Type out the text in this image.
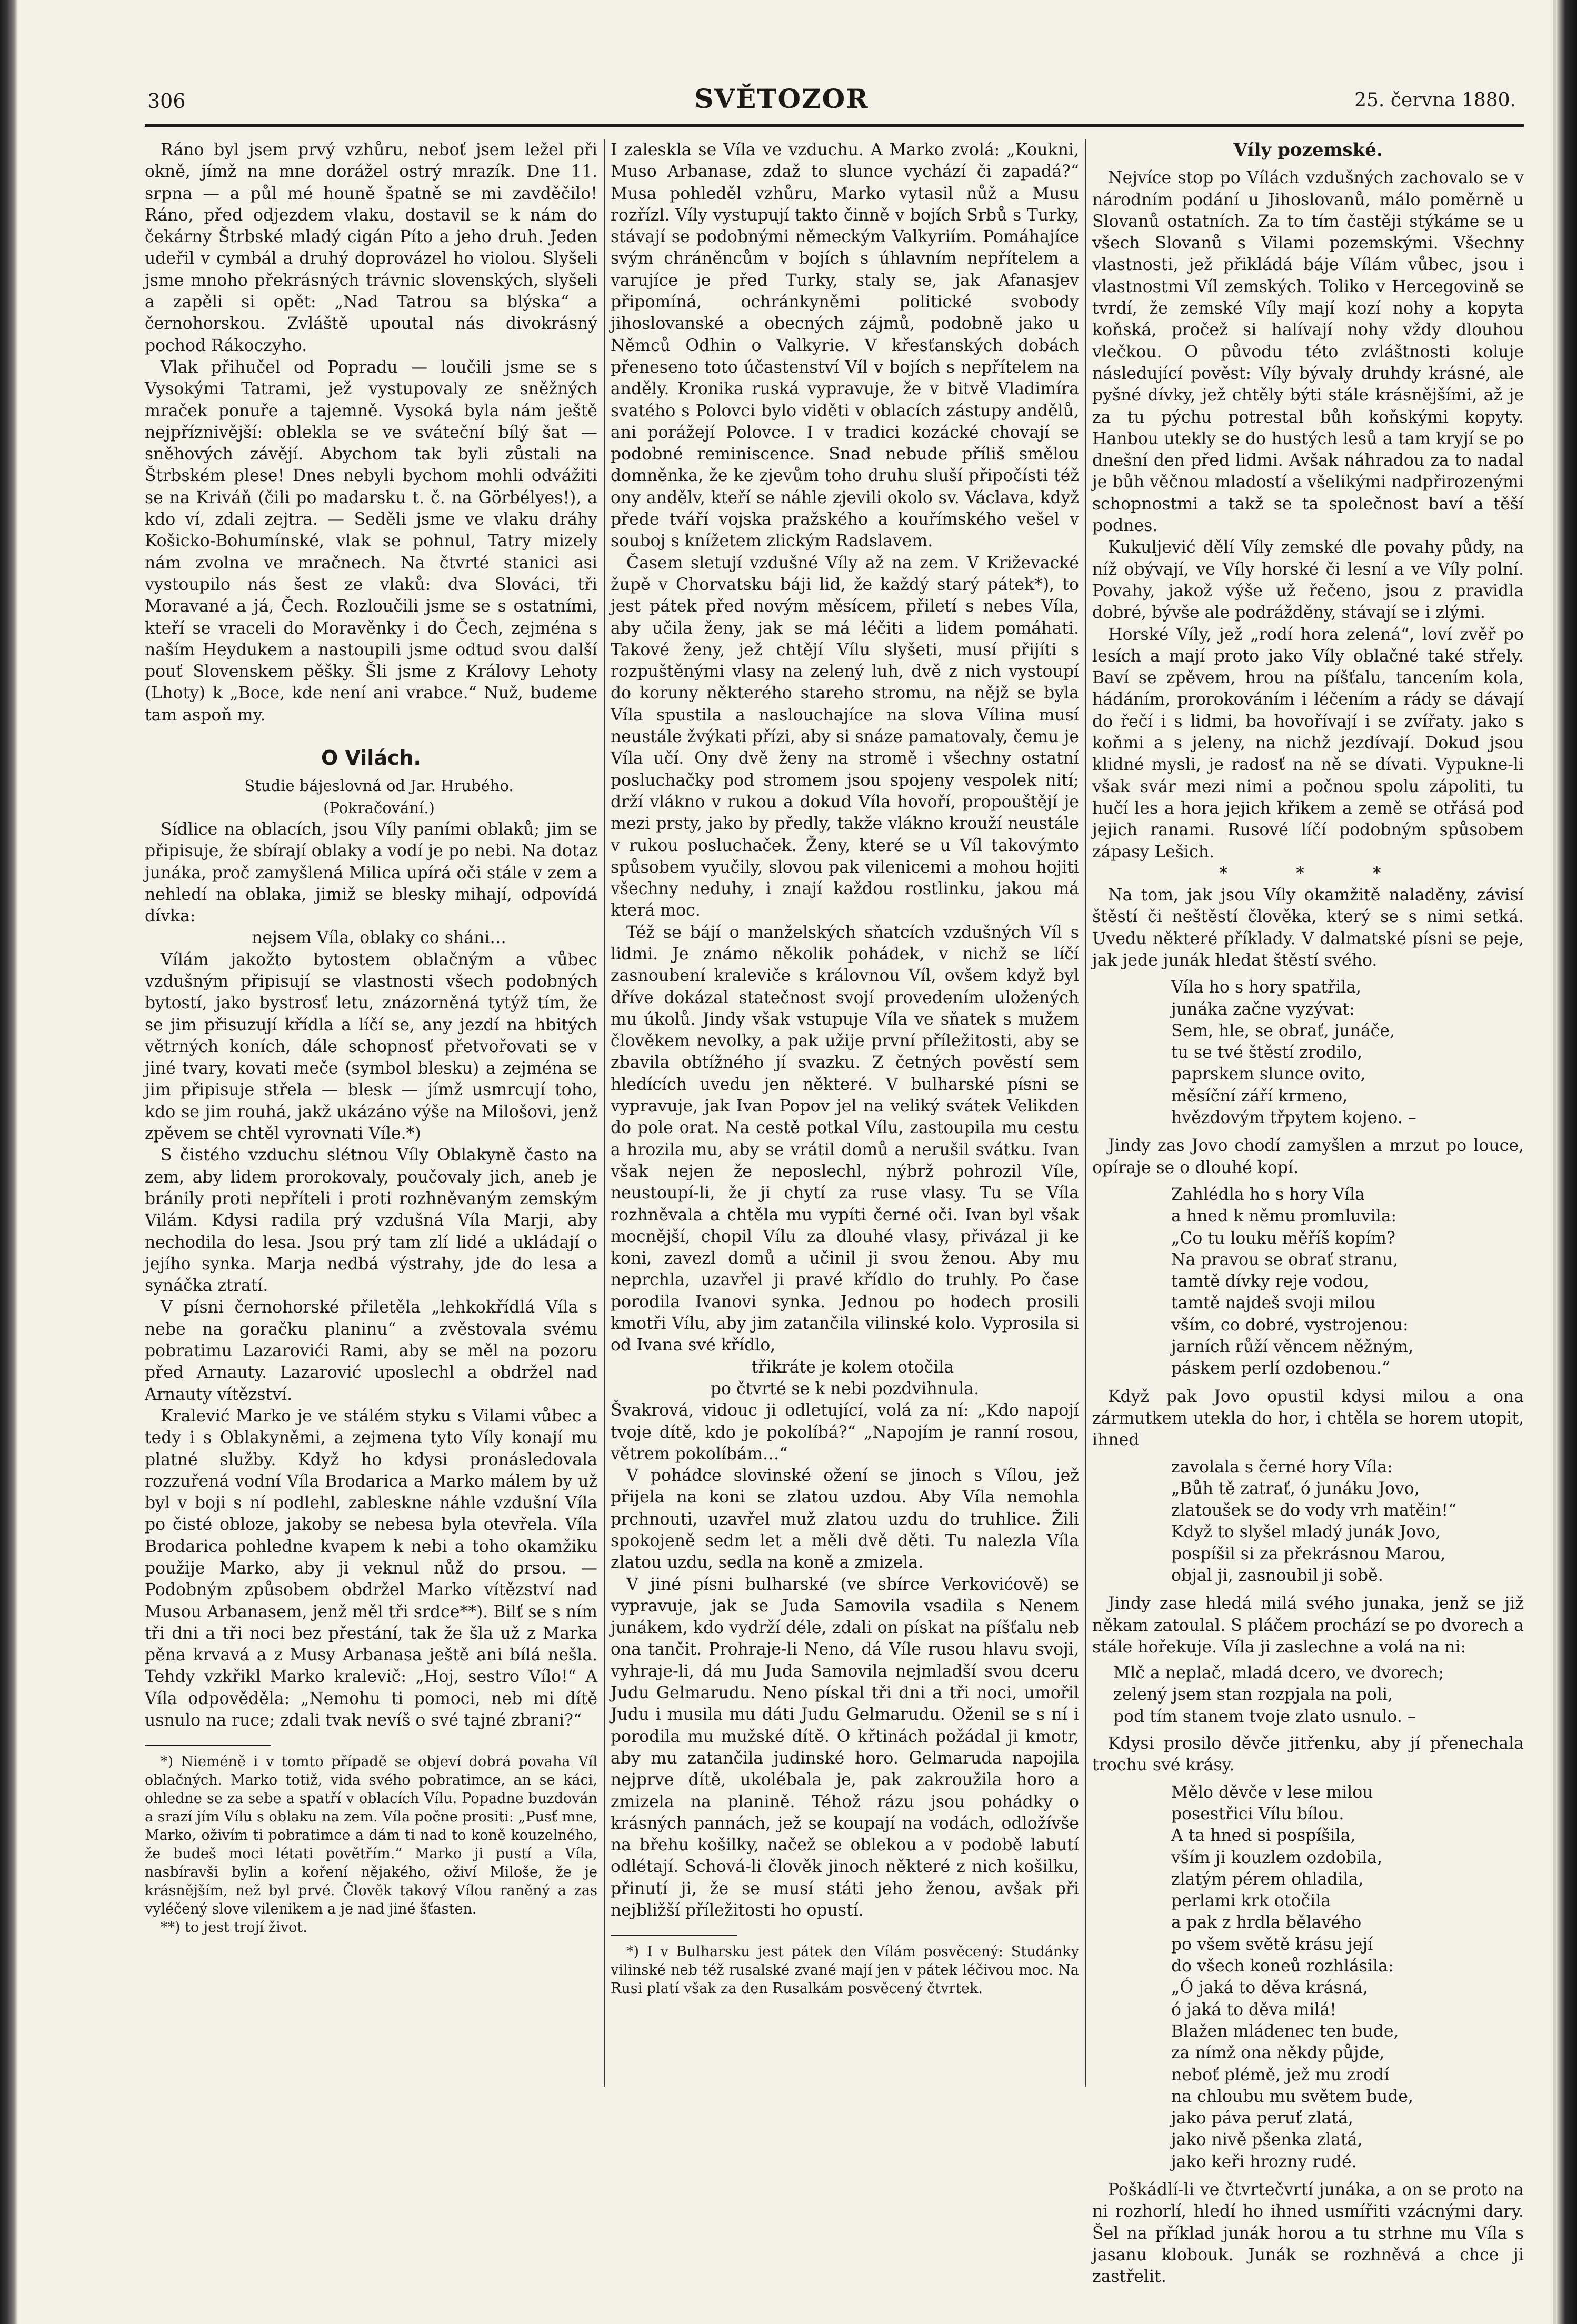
306	SVĚTOZOR	25. června 1880.

Ráno byl jsem prvý vzhůru, neboť jsem ležel při okně, jímž na mne dorážel ostrý mrazík. Dne 11. srpna — a půl mé houně špatně se mi zavděčilo! Ráno, před odjezdem vlaku, dostavil se k nám do čekárny Štrbské mladý cigán Píto a jeho druh. Jeden udeřil v cymbál a druhý doprovázel ho violou. Slyšeli jsme mnoho překrásných trávnic slovenských, slyšeli a zapěli si opět: „Nad Tatrou sa blýska“ a černohorskou. Zvláště upoutal nás divokrásný pochod Rákoczyho.

Vlak přihučel od Popradu — loučili jsme se s Vysokými Tatrami, jež vystupovaly ze sněžných mraček ponuře a tajemně. Vysoká byla nám ještě nejpříznivější: oblekla se ve sváteční bílý šat — sněhových závějí. Abychom tak byli zůstali na Štrbském plese! Dnes nebyli bychom mohli odvážiti se na Kriváň (čili po madarsku t. č. na Görbélyes!), a kdo ví, zdali zejtra. — Seděli jsme ve vlaku dráhy Košicko-Bohumínské, vlak se pohnul, Tatry mizely nám zvolna ve mračnech. Na čtvrté stanici asi vystoupilo nás šest ze vlaků: dva Slováci, tři Moravané a já, Čech. Rozloučili jsme se s ostatními, kteří se vraceli do Moravěnky i do Čech, zejména s naším Heydukem a nastoupili jsme odtud svou další pouť Slovenskem pěšky. Šli jsme z Královy Lehoty (Lhoty) k „Boce, kde není ani vrabce.“ Nuž, budeme tam aspoň my.

O Vilách.

Studie bájeslovná od Jar. Hrubého.

(Pokračování.)

Sídlice na oblacích, jsou Víly paními oblaků; jim se připisuje, že sbírají oblaky a vodí je po nebi. Na dotaz junáka, proč zamyšlená Milica upírá oči stále v zem a nehledí na oblaka, jimiž se blesky mihají, odpovídá dívka:

nejsem Víla, oblaky co sháni…

Vílám jakožto bytostem oblačným a vůbec vzdušným připisují se vlastnosti všech podobných bytostí, jako bystrosť letu, znázorněná tytýž tím, že se jim přisuzují křídla a líčí se, any jezdí na hbitých větrných koních, dále schopnosť přetvořovati se v jiné tvary, kovati meče (symbol blesku) a zejména se jim připisuje střela — blesk — jímž usmrcují toho, kdo se jim rouhá, jakž ukázáno výše na Milošovi, jenž zpěvem se chtěl vyrovnati Víle.*)

S čistého vzduchu slétnou Víly Oblakyně často na zem, aby lidem prorokovaly, poučovaly jich, aneb je bránily proti nepříteli i proti rozhněvaným zemským Vilám. Kdysi radila prý vzdušná Víla Marji, aby nechodila do lesa. Jsou prý tam zlí lidé a ukládají o jejího synka. Marja nedbá výstrahy, jde do lesa a synáčka ztratí.

V písni černohorské přiletěla „lehkokřídlá Víla s nebe na goračku planinu“ a zvěstovala svému pobratimu Lazarovići Rami, aby se měl na pozoru před Arnauty. Lazarović uposlechl a obdržel nad Arnauty vítězství.

Kralević Marko je ve stálém styku s Vilami vůbec a tedy i s Oblakyněmi, a zejmena tyto Víly konají mu platné služby. Když ho kdysi pronásledovala rozzuřená vodní Víla Brodarica a Marko málem by už byl v boji s ní podlehl, zableskne náhle vzdušní Víla po čisté obloze, jakoby se nebesa byla otevřela. Víla Brodarica pohledne kvapem k nebi a toho okamžiku použije Marko, aby ji veknul nůž do prsou. — Podobným způsobem obdržel Marko vítězství nad Musou Arbanasem, jenž měl tři srdce**). Bilť se s ním tři dni a tři noci bez přestání, tak že šla už z Marka pěna krvavá a z Musy Arbanasa ještě ani bílá nešla. Tehdy vzkřikl Marko kralevič: „Hoj, sestro Vílo!“ A Víla odpověděla: „Nemohu ti pomoci, neb mi dítě usnulo na ruce; zdali tvak nevíš o své tajné zbrani?“

*) Nieméně i v tomto případě se objeví dobrá povaha Víl oblačných. Marko totiž, vida svého pobratimce, an se káci, ohledne se za sebe a spatří v oblacích Vílu. Popadne buzdován a srazí jím Vílu s oblaku na zem. Víla počne prositi: „Pusť mne, Marko, oživím ti pobratimce a dám ti nad to koně kouzelného, že budeš moci létati povětřím.“ Marko ji pustí a Víla, nasbíravši bylin a koření nějakého, oživí Miloše, že je krásnějším, než byl prvé. Člověk takový Vílou raněný a zas vyléčený slove vilenikem a je nad jiné šťasten.

**) to jest trojí život.

I zaleskla se Víla ve vzduchu. A Marko zvolá: „Koukni, Muso Arbanase, zdaž to slunce vychází či zapadá?“ Musa pohleděl vzhůru, Marko vytasil nůž a Musu rozřízl. Víly vystupují takto činně v bojích Srbů s Turky, stávají se podobnými německým Valkyriím. Pomáhajíce svým chráněncům v bojích s úhlavním nepřítelem a varujíce je před Turky, staly se, jak Afanasjev připomíná, ochránkyněmi politické svobody jihoslovanské a obecných zájmů, podobně jako u Němců Odhin o Valkyrie. V křesťanských dobách přeneseno toto účastenství Víl v bojích s nepřítelem na anděly. Kronika ruská vypravuje, že v bitvě Vladimíra svatého s Polovci bylo viděti v oblacích zástupy andělů, ani porážejí Polovce. I v tradici kozácké chovají se podobné reminiscence. Snad nebude příliš smělou domněnka, že ke zjevům toho druhu sluší připočísti též ony andělv, kteří se náhle zjevili okolo sv. Václava, když přede tváří vojska pražského a kouřímského vešel v souboj s knížetem zlickým Radslavem.

Časem sletují vzdušné Víly až na zem. V Križevacké župě v Chorvatsku báji lid, že každý starý pátek*), to jest pátek před novým měsícem, přiletí s nebes Víla, aby učila ženy, jak se má léčiti a lidem pomáhati. Takové ženy, jež chtějí Vílu slyšeti, musí přijíti s rozpuštěnými vlasy na zelený luh, dvě z nich vystoupí do koruny některého stareho stromu, na nějž se byla Víla spustila a naslouchajíce na slova Vílina musí neustále žvýkati přízi, aby si snáze pamatovaly, čemu je Víla učí. Ony dvě ženy na stromě i všechny ostatní posluchačky pod stromem jsou spojeny vespolek nití; drží vlákno v rukou a dokud Víla hovoří, propouštějí je mezi prsty, jako by předly, takže vlákno krouží neustále v rukou posluchaček. Ženy, které se u Víl takovýmto spůsobem vyučily, slovou pak vilenicemi a mohou hojiti všechny neduhy, i znají každou rostlinku, jakou má která moc.

Též se bájí o manželských sňatcích vzdušných Víl s lidmi. Je známo několik pohádek, v nichž se líčí zasnoubení kraleviče s královnou Víl, ovšem když byl dříve dokázal statečnost svojí provedením uložených mu úkolů. Jindy však vstupuje Víla ve sňatek s mužem člověkem nevolky, a pak užije první příležitosti, aby se zbavila obtížného jí svazku. Z četných pověstí sem hledících uvedu jen některé. V bulharské písni se vypravuje, jak Ivan Popov jel na veliký svátek Velikden do pole orat. Na cestě potkal Vílu, zastoupila mu cestu a hrozila mu, aby se vrátil domů a nerušil svátku. Ivan však nejen že neposlechl, nýbrž pohrozil Víle, neustoupí-li, že ji chytí za ruse vlasy. Tu se Víla rozhněvala a chtěla mu vypíti černé oči. Ivan byl však mocnější, chopil Vílu za dlouhé vlasy, přivázal ji ke koni, zavezl domů a učinil ji svou ženou. Aby mu neprchla, uzavřel ji pravé křídlo do truhly. Po čase porodila Ivanovi synka. Jednou po hodech prosili kmotři Vílu, aby jim zatančila vilinské kolo. Vyprosila si od Ivana své křídlo,

třikráte je kolem otočila
po čtvrté se k nebi pozdvihnula.

Švakrová, vidouc ji odletující, volá za ní: „Kdo napojí tvoje dítě, kdo je pokolíbá?“ „Napojím je ranní rosou, větrem pokolíbám…“

V pohádce slovinské ožení se jinoch s Vílou, jež přijela na koni se zlatou uzdou. Aby Víla nemohla prchnouti, uzavřel muž zlatou uzdu do truhlice. Žili spokojeně sedm let a měli dvě děti. Tu nalezla Víla zlatou uzdu, sedla na koně a zmizela.

V jiné písni bulharské (ve sbírce Verkovićově) se vypravuje, jak se Juda Samovila vsadila s Nenem junákem, kdo vydrží déle, zdali on pískat na píšťalu neb ona tančit. Prohraje-li Neno, dá Víle rusou hlavu svoji, vyhraje-li, dá mu Juda Samovila nejmladší svou dceru Judu Gelmarudu. Neno pískal tři dni a tři noci, umořil Judu i musila mu dáti Judu Gelmarudu. Oženil se s ní i porodila mu mužské dítě. O křtinách požádal ji kmotr, aby mu zatančila judinské horo. Gelmaruda napojila nejprve dítě, ukolébala je, pak zakroužila horo a zmizela na planině. Téhož rázu jsou pohádky o krásných pannách, jež se koupají na vodách, odložívše na břehu košilky, načež se oblekou a v podobě labutí odlétají. Schová-li člověk jinoch některé z nich košilku, přinutí ji, že se musí státi jeho ženou, avšak při nejbližší příležitosti ho opustí.

*) I v Bulharsku jest pátek den Vílám posvěcený: Studánky vilinské neb též rusalské zvané mají jen v pátek léčivou moc. Na Rusi platí však za den Rusalkám posvěcený čtvrtek.

Víly pozemské.

Nejvíce stop po Vílách vzdušných zachovalo se v národním podání u Jihoslovanů, málo poměrně u Slovanů ostatních. Za to tím častěji stýkáme se u všech Slovanů s Vilami pozemskými. Všechny vlastnosti, jež přikládá báje Vílám vůbec, jsou i vlastnostmi Víl zemských. Toliko v Hercegovině se tvrdí, že zemské Víly mají kozí nohy a kopyta koňská, pročež si halívají nohy vždy dlouhou vlečkou. O původu této zvláštnosti koluje následující pověst: Víly bývaly druhdy krásné, ale pyšné dívky, jež chtěly býti stále krásnějšími, až je za tu pýchu potrestal bůh koňskými kopyty. Hanbou utekly se do hustých lesů a tam kryjí se po dnešní den před lidmi. Avšak náhradou za to nadal je bůh věčnou mladostí a všelikými nadpřirozenými schopnostmi a takž se ta společnost baví a těší podnes.

Kukuljević dělí Víly zemské dle povahy půdy, na níž obývají, ve Víly horské či lesní a ve Víly polní. Povahy, jakož výše už řečeno, jsou z pravidla dobré, bývše ale podrážděny, stávají se i zlými.

Horské Víly, jež „rodí hora zelená“, loví zvěř po lesích a mají proto jako Víly oblačné také střely. Baví se zpěvem, hrou na píšťalu, tancením kola, hádáním, prorokováním i léčením a rády se dávají do řečí i s lidmi, ba hovořívají i se zvířaty. jako s koňmi a s jeleny, na nichž jezdívají. Dokud jsou klidné mysli, je radosť na ně se dívati. Vypukne-li však svár mezi nimi a počnou spolu zápoliti, tu hučí les a hora jejich křikem a země se otřásá pod jejich ranami. Rusové líčí podobným spůsobem zápasy Lešich.

* * *

Na tom, jak jsou Víly okamžitě naladěny, závisí štěstí či neštěstí člověka, který se s nimi setká. Uvedu některé příklady. V dalmatské písni se peje, jak jede junák hledat štěstí svého.

Víla ho s hory spatřila,
junáka začne vyzývat:
Sem, hle, se obrať, junáče,
tu se tvé štěstí zrodilo,
paprskem slunce ovito,
měsíční září krmeno,
hvězdovým třpytem kojeno. –

Jindy zas Jovo chodí zamyšlen a mrzut po louce, opíraje se o dlouhé kopí.

Zahlédla ho s hory Víla
a hned k němu promluvila:
„Co tu louku měříš kopím?
Na pravou se obrať stranu,
tamtě dívky reje vodou,
tamtě najdeš svoji milou
vším, co dobré, vystrojenou:
jarních růží věncem něžným,
páskem perlí ozdobenou.“

Když pak Jovo opustil kdysi milou a ona zármutkem utekla do hor, i chtěla se horem utopit, ihned

zavolala s černé hory Víla:
„Bůh tě zatrať, ó junáku Jovo,
zlatoušek se do vody vrh matěin!“
Když to slyšel mladý junák Jovo,
pospíšil si za překrásnou Marou,
objal ji, zasnoubil ji sobě.

Jindy zase hledá milá svého junaka, jenž se již někam zatoulal. S pláčem prochází se po dvorech a stále hořekuje. Víla ji zaslechne a volá na ni:

Mlč a neplač, mladá dcero, ve dvorech;
zelený jsem stan rozpjala na poli,
pod tím stanem tvoje zlato usnulo. –

Kdysi prosilo děvče jitřenku, aby jí přenechala trochu své krásy.

Mělo děvče v lese milou
posestřici Vílu bílou.
A ta hned si pospíšila,
vším ji kouzlem ozdobila,
zlatým pérem ohladila,
perlami krk otočila
a pak z hrdla bělavého
po všem světě krásu její
do všech koneů rozhlásila:
„Ó jaká to děva krásná,
ó jaká to děva milá!
Blažen mládenec ten bude,
za nímž ona někdy půjde,
neboť plémě, jež mu zrodí
na chloubu mu světem bude,
jako páva peruť zlatá,
jako nivě pšenka zlatá,
jako keři hrozny rudé.

Poškádlí-li ve čtvrtečvrtí junáka, a on se proto na ni rozhorlí, hledí ho ihned usmířiti vzácnými dary. Šel na příklad junák horou a tu strhne mu Víla s jasanu klobouk. Junák se rozhněvá a chce ji zastřelit.
